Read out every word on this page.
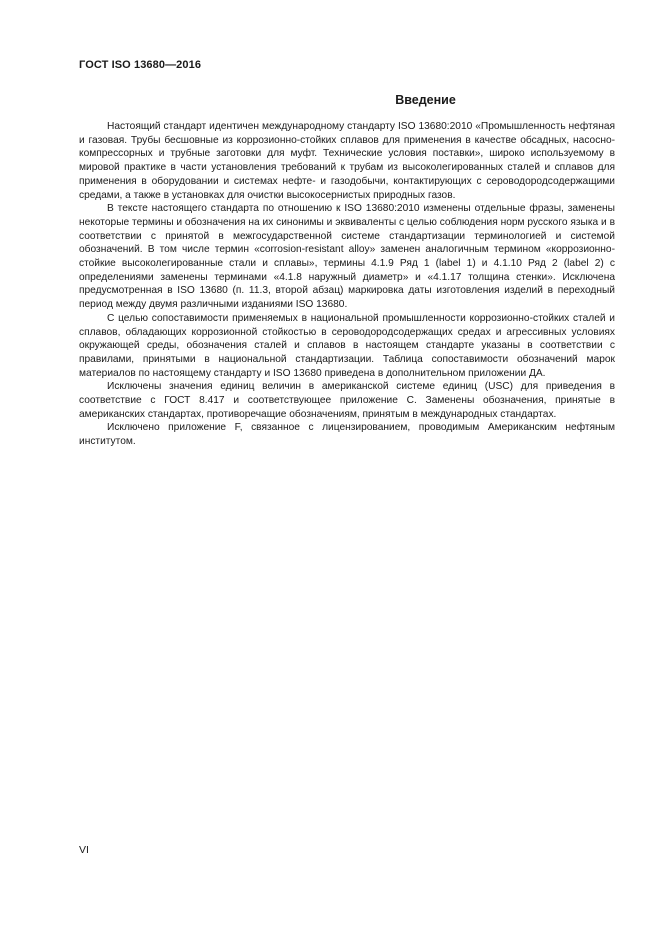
ГОСТ ISO 13680—2016
Введение

Настоящий стандарт идентичен международному стандарту ISO 13680:2010 «Промышленность нефтяная и газовая. Трубы бесшовные из коррозионно-стойких сплавов для применения в качестве обсадных, насосно-компрессорных и трубные заготовки для муфт. Технические условия поставки», широко используемому в мировой практике в части установления требований к трубам из высоколегированных сталей и сплавов для применения в оборудовании и системах нефте- и газодобычи, контактирующих с сероводородсодержащими средами, а также в установках для очистки высокосернистых природных газов.

В тексте настоящего стандарта по отношению к ISO 13680:2010 изменены отдельные фразы, заменены некоторые термины и обозначения на их синонимы и эквиваленты с целью соблюдения норм русского языка и в соответствии с принятой в межгосударственной системе стандартизации терминологией и системой обозначений. В том числе термин «corrosion-resistant alloy» заменен аналогичным термином «коррозионно-стойкие высоколегированные стали и сплавы», термины 4.1.9 Ряд 1 (label 1) и 4.1.10 Ряд 2 (label 2) с определениями заменены терминами «4.1.8 наружный диаметр» и «4.1.17 толщина стенки». Исключена предусмотренная в ISO 13680 (п. 11.3, второй абзац) маркировка даты изготовления изделий в переходный период между двумя различными изданиями ISO 13680.

С целью сопоставимости применяемых в национальной промышленности коррозионно-стойких сталей и сплавов, обладающих коррозионной стойкостью в сероводородсодержащих средах и агрессивных условиях окружающей среды, обозначения сталей и сплавов в настоящем стандарте указаны в соответствии с правилами, принятыми в национальной стандартизации. Таблица сопоставимости обозначений марок материалов по настоящему стандарту и ISO 13680 приведена в дополнительном приложении ДА.

Исключены значения единиц величин в американской системе единиц (USC) для приведения в соответствие с ГОСТ 8.417 и соответствующее приложение C. Заменены обозначения, принятые в американских стандартах, противоречащие обозначениям, принятым в международных стандартах.

Исключено приложение F, связанное с лицензированием, проводимым Американским нефтяным институтом.

VI
